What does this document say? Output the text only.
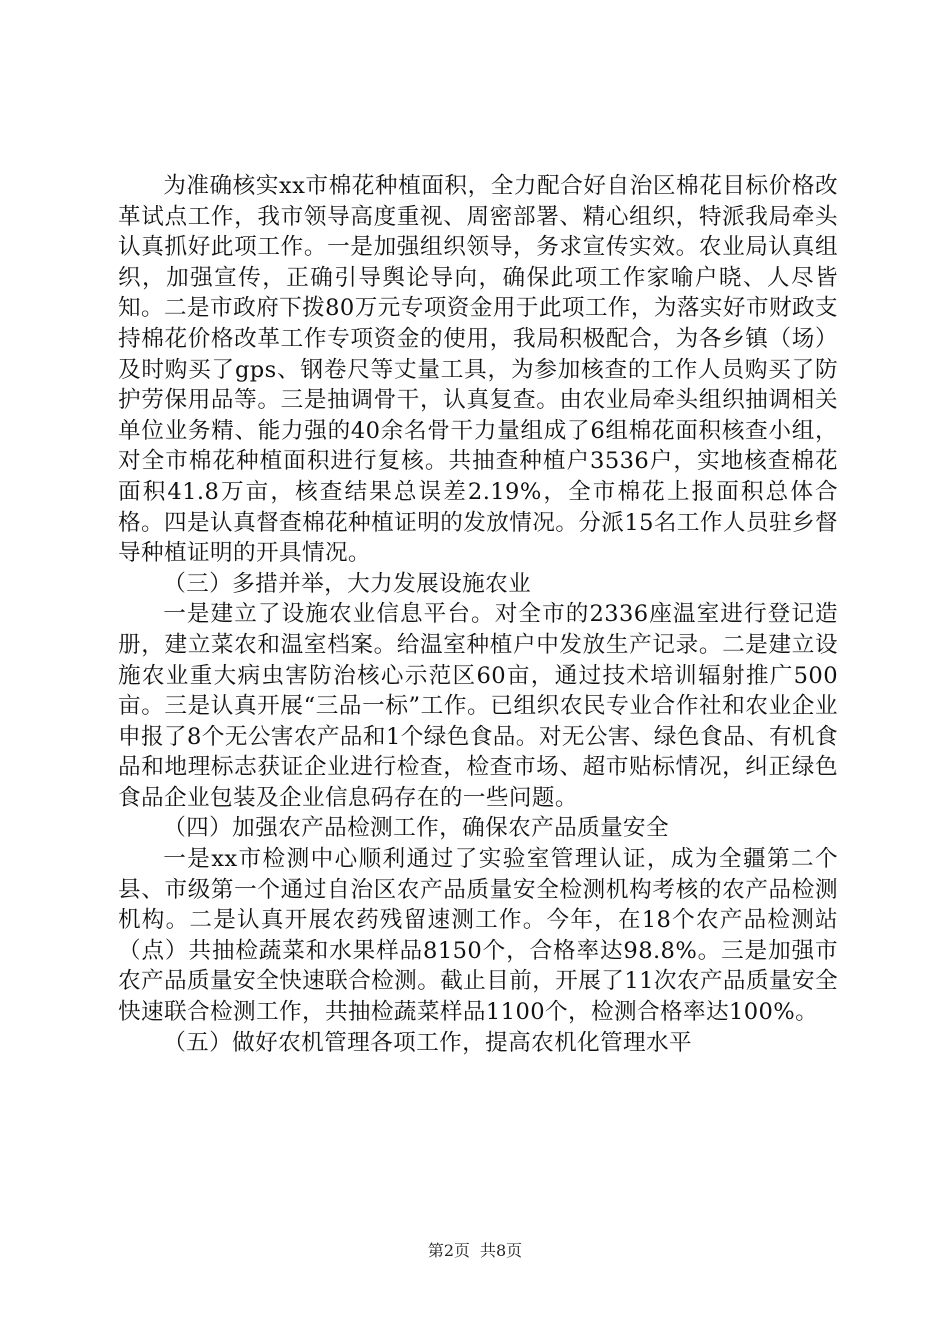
为准确核实xx市棉花种植面积，全力配合好自治区棉花目标价格改革试点工作，我市领导高度重视、周密部署、精心组织，特派我局牵头认真抓好此项工作。一是加强组织领导，务求宣传实效。农业局认真组织，加强宣传，正确引导舆论导向，确保此项工作家喻户晓、人尽皆知。二是市政府下拨80万元专项资金用于此项工作，为落实好市财政支持棉花价格改革工作专项资金的使用，我局积极配合，为各乡镇（场）及时购买了gps、钢卷尺等丈量工具，为参加核查的工作人员购买了防护劳保用品等。三是抽调骨干，认真复查。由农业局牵头组织抽调相关单位业务精、能力强的40余名骨干力量组成了6组棉花面积核查小组，对全市棉花种植面积进行复核。共抽查种植户3536户，实地核查棉花面积41.8万亩，核查结果总误差2.19%，全市棉花上报面积总体合格。四是认真督查棉花种植证明的发放情况。分派15名工作人员驻乡督导种植证明的开具情况。

（三）多措并举，大力发展设施农业

一是建立了设施农业信息平台。对全市的2336座温室进行登记造册，建立菜农和温室档案。给温室种植户中发放生产记录。二是建立设施农业重大病虫害防治核心示范区60亩，通过技术培训辐射推广500亩。三是认真开展“三品一标”工作。已组织农民专业合作社和农业企业申报了8个无公害农产品和1个绿色食品。对无公害、绿色食品、有机食品和地理标志获证企业进行检查，检查市场、超市贴标情况，纠正绿色食品企业包装及企业信息码存在的一些问题。

（四）加强农产品检测工作，确保农产品质量安全

一是xx市检测中心顺利通过了实验室管理认证，成为全疆第二个县、市级第一个通过自治区农产品质量安全检测机构考核的农产品检测机构。二是认真开展农药残留速测工作。今年，在18个农产品检测站（点）共抽检蔬菜和水果样品8150个，合格率达98.8%。三是加强市农产品质量安全快速联合检测。截止目前，开展了11次农产品质量安全快速联合检测工作，共抽检蔬菜样品1100个，检测合格率达100%。

（五）做好农机管理各项工作，提高农机化管理水平

第2页 共8页
